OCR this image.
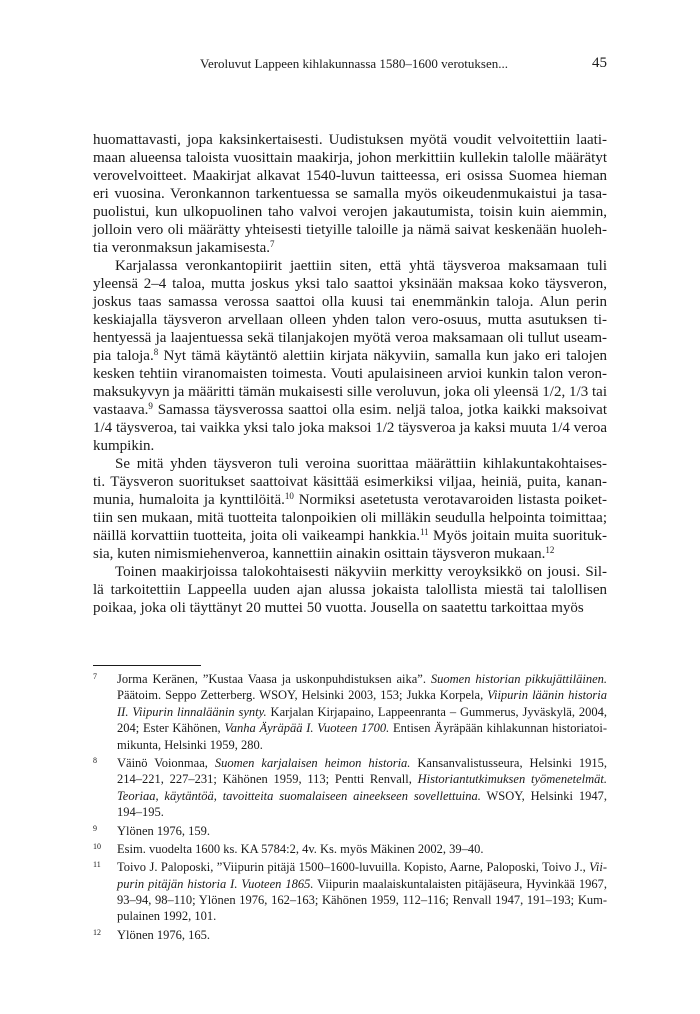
Veroluvut Lappeen kihlakunnassa 1580–1600 verotuksen...	45
huomattavasti, jopa kaksinkertaisesti. Uudistuksen myötä voudit velvoitettiin laati-
maan alueensa taloista vuosittain maakirja, johon merkittiin kullekin talolle määrätyt
verovelvoitteet. Maakirjat alkavat 1540-luvun taitteessa, eri osissa Suomea hieman
eri vuosina. Veronkannon tarkentuessa se samalla myös oikeudenmukaistui ja tasa-
puolistui, kun ulkopuolinen taho valvoi verojen jakautumista, toisin kuin aiemmin,
jolloin vero oli määrätty yhteisesti tietyille taloille ja nämä saivat keskenään huoleh-
tia veronmaksun jakamisesta.$^7$
Karjalassa veronkantopiirit jaettiin siten, että yhtä täysveroa maksamaan tuli
yleensä 2–4 taloa, mutta joskus yksi talo saattoi yksinään maksaa koko täysveron,
joskus taas samassa verossa saattoi olla kuusi tai enemmänkin taloja. Alun perin
keskiajalla täysveron arvellaan olleen yhden talon vero-osuus, mutta asutuksen ti-
hentyessä ja laajentuessa sekä tilanjakojen myötä veroa maksamaan oli tullut useam-
pia taloja.$^8$ Nyt tämä käytäntö alettiin kirjata näkyviin, samalla kun jako eri talojen
kesken tehtiin viranomaisten toimesta. Vouti apulaisineen arvioi kunkin talon veron-
maksukyvyn ja määritti tämän mukaisesti sille veroluvun, joka oli yleensä 1/2, 1/3 tai
vastaava.$^9$ Samassa täysverossa saattoi olla esim. neljä taloa, jotka kaikki maksoivat
1/4 täysveroa, tai vaikka yksi talo joka maksoi 1/2 täysveroa ja kaksi muuta 1/4 veroa
kumpikin.
Se mitä yhden täysveron tuli veroina suorittaa määrättiin kihlakuntakohtaises-
ti. Täysveron suoritukset saattoivat käsittää esimerkiksi viljaa, heiniä, puita, kanan-
munia, humaloita ja kynttilöitä.$^{10}$ Normiksi asetetusta verotavaroiden listasta poiket-
tiin sen mukaan, mitä tuotteita talonpoikien oli milläkin seudulla helpointa toimittaa;
näillä korvattiin tuotteita, joita oli vaikeampi hankkia.$^{11}$ Myös joitain muita suorituk-
sia, kuten nimismiehenveroa, kannettiin ainakin osittain täysveron mukaan.$^{12}$
Toinen maakirjoissa talokohtaisesti näkyviin merkitty veroyksikkö on jousi. Sil-
lä tarkoitettiin Lappeella uuden ajan alussa jokaista talollista miestä tai talollisen
poikaa, joka oli täyttänyt 20 muttei 50 vuotta. Jousella on saatettu tarkoittaa myös
7 Jorma Keränen, ”Kustaa Vaasa ja uskonpuhdistuksen aika”. Suomen historian pikkujättiläinen.
Päätoim. Seppo Zetterberg. WSOY, Helsinki 2003, 153; Jukka Korpela, Viipurin läänin historia
II. Viipurin linnaläänin synty. Karjalan Kirjapaino, Lappeenranta – Gummerus, Jyväskylä, 2004,
204; Ester Kähönen, Vanha Äyräpää I. Vuoteen 1700. Entisen Äyräpään kihlakunnan historiatoi-
mikunta, Helsinki 1959, 280.
8 Väinö Voionmaa, Suomen karjalaisen heimon historia. Kansanvalistusseura, Helsinki 1915,
214–221, 227–231; Kähönen 1959, 113; Pentti Renvall, Historiantutkimuksen työmenetelmät.
Teoriaa, käytäntöä, tavoitteita suomalaiseen aineekseen sovellettuina. WSOY, Helsinki 1947,
194–195.
9 Ylönen 1976, 159.
10 Esim. vuodelta 1600 ks. KA 5784:2, 4v. Ks. myös Mäkinen 2002, 39–40.
11 Toivo J. Paloposki, ”Viipurin pitäjä 1500–1600-luvuilla. Kopisto, Aarne, Paloposki, Toivo J., Vii-
purin pitäjän historia I. Vuoteen 1865. Viipurin maalaiskuntalaisten pitäjäseura, Hyvinkää 1967,
93–94, 98–110; Ylönen 1976, 162–163; Kähönen 1959, 112–116; Renvall 1947, 191–193; Kum-
pulainen 1992, 101.
12 Ylönen 1976, 165.
